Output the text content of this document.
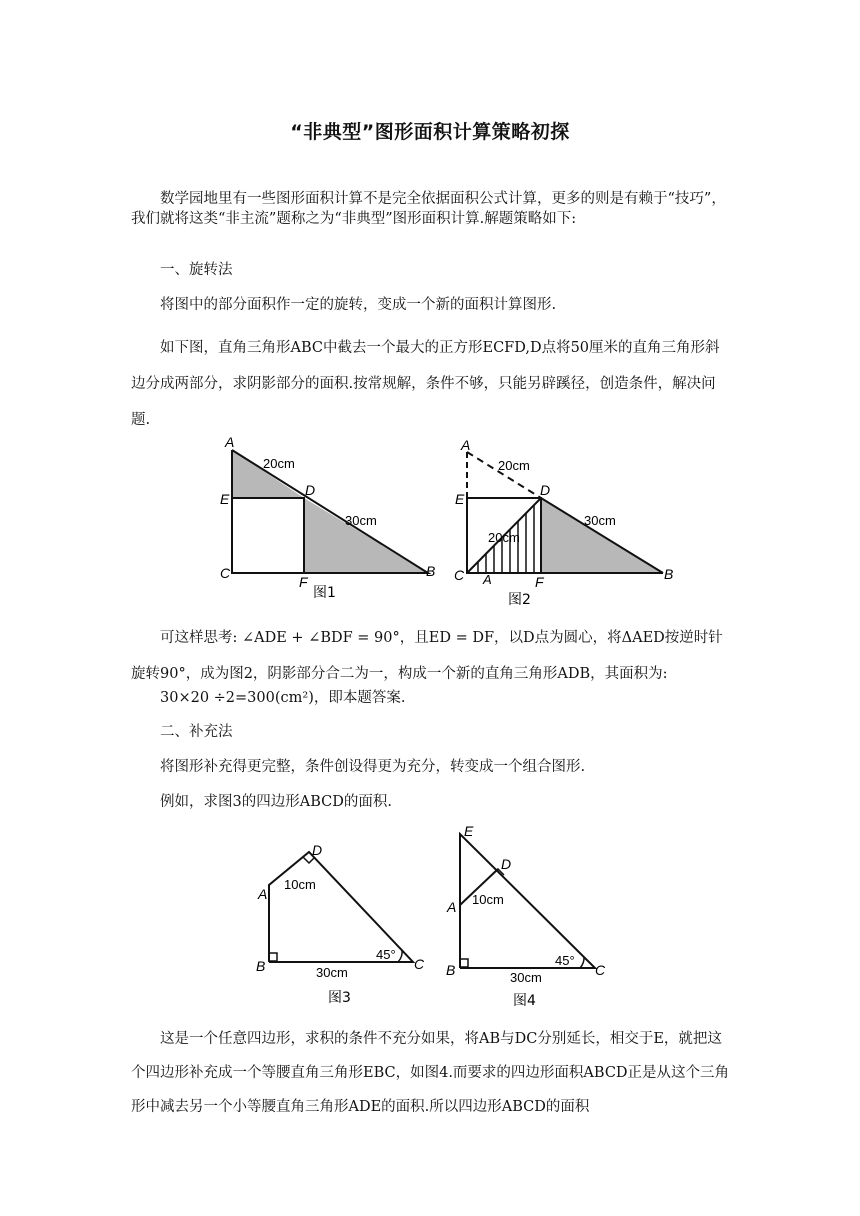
“非典型”图形面积计算策略初探
数学园地里有一些图形面积计算不是完全依据面积公式计算，更多的则是有赖于“技巧”，我们就将这类“非主流”题称之为“非典型”图形面积计算.解题策略如下:
一、旋转法
将图中的部分面积作一定的旋转，变成一个新的面积计算图形.
如下图，直角三角形ABC中截去一个最大的正方形ECFD,D点将50厘米的直角三角形斜边分成两部分，求阴影部分的面积.按常规解，条件不够，只能另辟蹊径，创造条件，解决问题.
A
E
C
D
F
B
20cm
30cm
图1
A
E
C A
D
F	B
20cm
20cm
30cm
图2
可这样思考: ∠ADE + ∠BDF = 90°，且ED = DF，以D点为圆心，将ΔAED按逆时针旋转90°，成为图2，阴影部分合二为一，构成一个新的直角三角形ADB，其面积为:
30×20 ÷2=300(cm²)，即本题答案.
二、补充法
将图形补充得更完整，条件创设得更为充分，转变成一个组合图形.
例如，求图3的四边形ABCD的面积.
A
B
D
C
10cm
30cm
45°
图3
E
D
A
B	C
10cm
30cm
45°
图4
这是一个任意四边形，求积的条件不充分如果，将AB与DC分别延长，相交于E，就把这个四边形补充成一个等腰直角三角形EBC，如图4.而要求的四边形面积ABCD正是从这个三角形中减去另一个小等腰直角三角形ADE的面积.所以四边形ABCD的面积
